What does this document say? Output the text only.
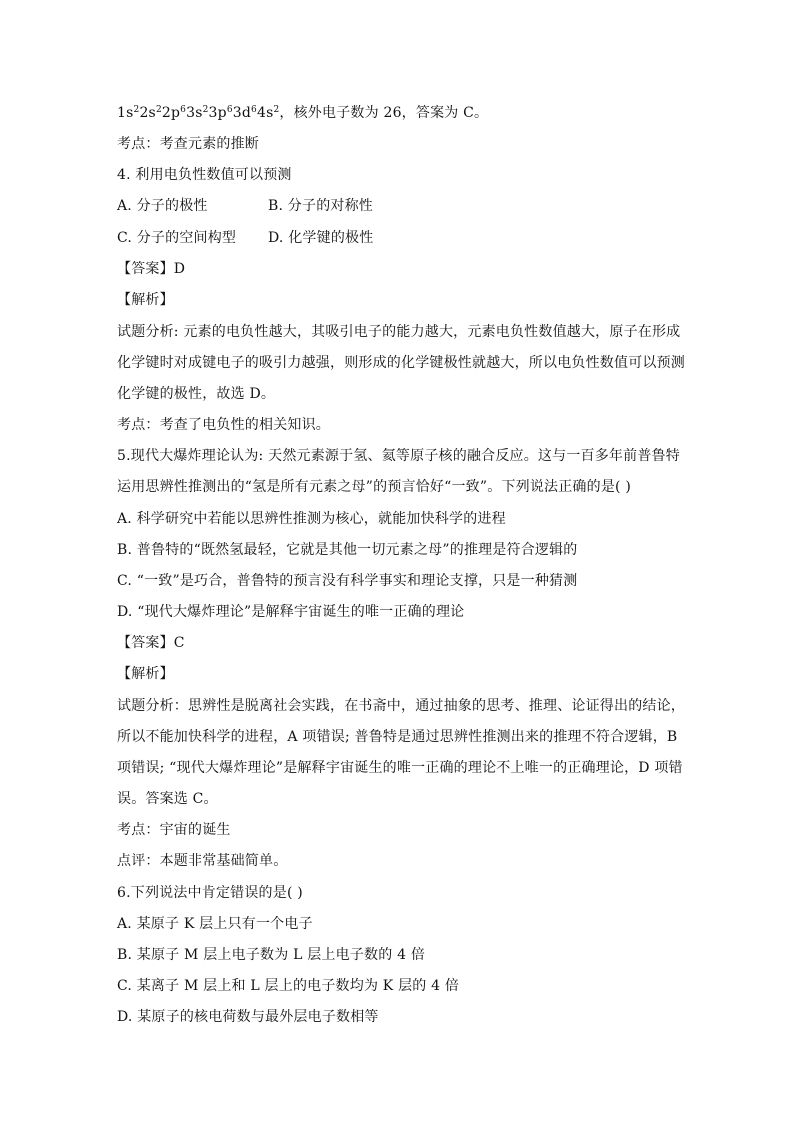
$1s^22s^22p^63s^23p^63d^64s^2$，核外电子数为 26，答案为 C。
考点：考查元素的推断
4. 利用电负性数值可以预测
A. 分子的极性	B. 分子的对称性
C. 分子的空间构型 D. 化学键的极性
【答案】D
【解析】
试题分析: 元素的电负性越大，其吸引电子的能力越大，元素电负性数值越大，原子在形成
化学键时对成键电子的吸引力越强，则形成的化学键极性就越大，所以电负性数值可以预测
化学键的极性，故选 D。
考点：考查了电负性的相关知识。
5.现代大爆炸理论认为: 天然元素源于氢、氦等原子核的融合反应。这与一百多年前普鲁特
运用思辨性推测出的“氢是所有元素之母”的预言恰好“一致”。下列说法正确的是( )
A. 科学研究中若能以思辨性推测为核心，就能加快科学的进程
B. 普鲁特的“既然氢最轻，它就是其他一切元素之母”的推理是符合逻辑的
C. “一致”是巧合，普鲁特的预言没有科学事实和理论支撑，只是一种猜测
D. “现代大爆炸理论”是解释宇宙诞生的唯一正确的理论
【答案】C
【解析】
试题分析：思辨性是脱离社会实践，在书斋中，通过抽象的思考、推理、论证得出的结论，
所以不能加快科学的进程，A 项错误; 普鲁特是通过思辨性推测出来的推理不符合逻辑，B
项错误; “现代大爆炸理论”是解释宇宙诞生的唯一正确的理论不上唯一的正确理论，D 项错
误。答案选 C。
考点：宇宙的诞生
点评：本题非常基础简单。
6.下列说法中肯定错误的是( )
A. 某原子 K 层上只有一个电子
B. 某原子 M 层上电子数为 L 层上电子数的 4 倍
C. 某离子 M 层上和 L 层上的电子数均为 K 层的 4 倍
D. 某原子的核电荷数与最外层电子数相等
